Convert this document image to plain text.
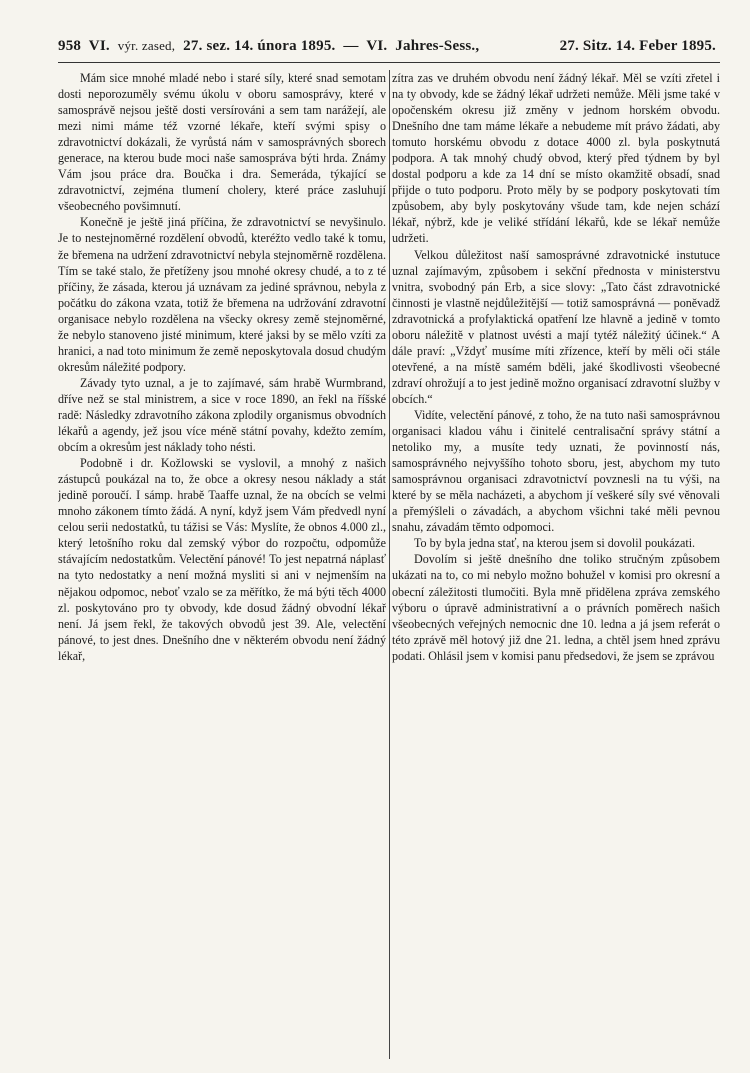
958 VI. výr. zased, 27. sez. 14. února 1895. — VI. Jahres-Sess.,	27. Sitz. 14. Feber 1895.

Mám sice mnohé mladé nebo i staré síly, které snad semotam dosti neporozuměly svému úkolu v oboru samosprávy, které v samosprávě nejsou ještě dosti versírováni a sem tam narážejí, ale mezi nimi máme též vzorné lékaře, kteří svými spisy o zdravotnictví dokázali, že vyrůstá nám v samosprávných sborech generace, na kterou bude moci naše samospráva býti hrda. Známy Vám jsou práce dra. Boučka i dra. Semeráda, týkající se zdravotnictví, zejména tlumení cholery, které práce zasluhují všeobecného povšimnutí.

Konečně je ještě jiná příčina, že zdravotnictví se nevyšinulo. Je to nestejnoměrné rozdělení obvodů, kteréžto vedlo také k tomu, že břemena na udržení zdravotnictví nebyla stejnoměrně rozdělena. Tím se také stalo, že přetíženy jsou mnohé okresy chudé, a to z té příčiny, že zásada, kterou já uznávam za jediné správnou, nebyla z počátku do zákona vzata, totiž že břemena na udržování zdravotní organisace nebylo rozdělena na všecky okresy země stejnoměrné, že nebylo stanoveno jisté minimum, které jaksi by se mělo vzíti za hranici, a nad toto minimum že země neposkytovala dosud chudým okresům náležité podpory.

Závady tyto uznal, a je to zajímavé, sám hrabě Wurmbrand, dříve než se stal ministrem, a sice v roce 1890, an řekl na říšské radě: Následky zdravotního zákona zplodily organismus obvodních lékařů a agendy, jež jsou více méně státní povahy, kdežto zemím, obcím a okresům jest náklady toho nésti.

Podobně i dr. Kožlowski se vyslovil, a mnohý z našich zástupců poukázal na to, že obce a okresy nesou náklady a stát jedině poroučí. I sámp. hrabě Taaffe uznal, že na obcích se velmi mnoho zákonem tímto žádá. A nyní, když jsem Vám předvedl nyní celou serii nedostatků, tu tážisi se Vás: Myslíte, že obnos 4.000 zl., který letošního roku dal zemský výbor do rozpočtu, odpomůže stávajícím nedostatkům. Velectění pánové! To jest nepatrná náplasť na tyto nedostatky a není možná mysliti si ani v nejmenším na nějakou odpomoc, neboť vzalo se za měřítko, že má býti těch 4000 zl. poskytováno pro ty obvody, kde dosud žádný obvodní lékař není. Já jsem řekl, že takových obvodů jest 39. Ale, velectění pánové, to jest dnes. Dnešního dne v některém obvodu není žádný lékař,

zítra zas ve druhém obvodu není žádný lékař. Měl se vzíti zřetel i na ty obvody, kde se žádný lékař udržeti nemůže. Měli jsme také v opočenském okresu již změny v jednom horském obvodu. Dnešního dne tam máme lékaře a nebudeme mít právo žádati, aby tomuto horskému obvodu z dotace 4000 zl. byla poskytnutá podpora. A tak mnohý chudý obvod, který před týdnem by byl dostal podporu a kde za 14 dní se místo okamžitě obsadí, snad přijde o tuto podporu. Proto měly by se podpory poskytovati tím způsobem, aby byly poskytovány všude tam, kde nejen schází lékař, nýbrž, kde je veliké střídání lékařů, kde se lékař nemůže udržeti.

Velkou důležitost naší samosprávné zdravotnické instutuce uznal zajímavým, způsobem i sekční přednosta v ministerstvu vnitra, svobodný pán Erb, a sice slovy: „Tato část zdravotnické činnosti je vlastně nejdůležitější — totiž samosprávná — poněvadž zdravotnická a profylaktická opatření lze hlavně a jedině v tomto oboru náležitě v platnost uvésti a mají tytéž náležitý účinek.“ A dále praví: „Vždyť musíme míti zřízence, kteří by měli oči stále otevřené, a na místě samém bděli, jaké škodlivosti všeobecné zdraví ohrožují a to jest jedině možno organisací zdravotní služby v obcích.“

Vidíte, velectění pánové, z toho, že na tuto naši samosprávnou organisaci kladou váhu i činitelé centralisační správy státní a netoliko my, a musíte tedy uznati, že povinností nás, samosprávného nejvyššího tohoto sboru, jest, abychom my tuto samosprávnou organisaci zdravotnictví povznesli na tu výši, na které by se měla nacházeti, a abychom jí veškeré síly své věnovali a přemýšleli o závadách, a abychom všichni také měli pevnou snahu, závadám těmto odpomoci.

To by byla jedna stať, na kterou jsem si dovolil poukázati.

Dovolím si ještě dnešního dne toliko stručným způsobem ukázati na to, co mi nebylo možno bohužel v komisi pro okresní a obecní záležitosti tlumočiti. Byla mně přidělena zpráva zemského výboru o úpravě administrativní a o právních poměrech našich všeobecných veřejných nemocnic dne 10. ledna a já jsem referát o této zprávě měl hotový již dne 21. ledna, a chtěl jsem hned zprávu podati. Ohlásil jsem v komisi panu předsedovi, že jsem se zprávou
